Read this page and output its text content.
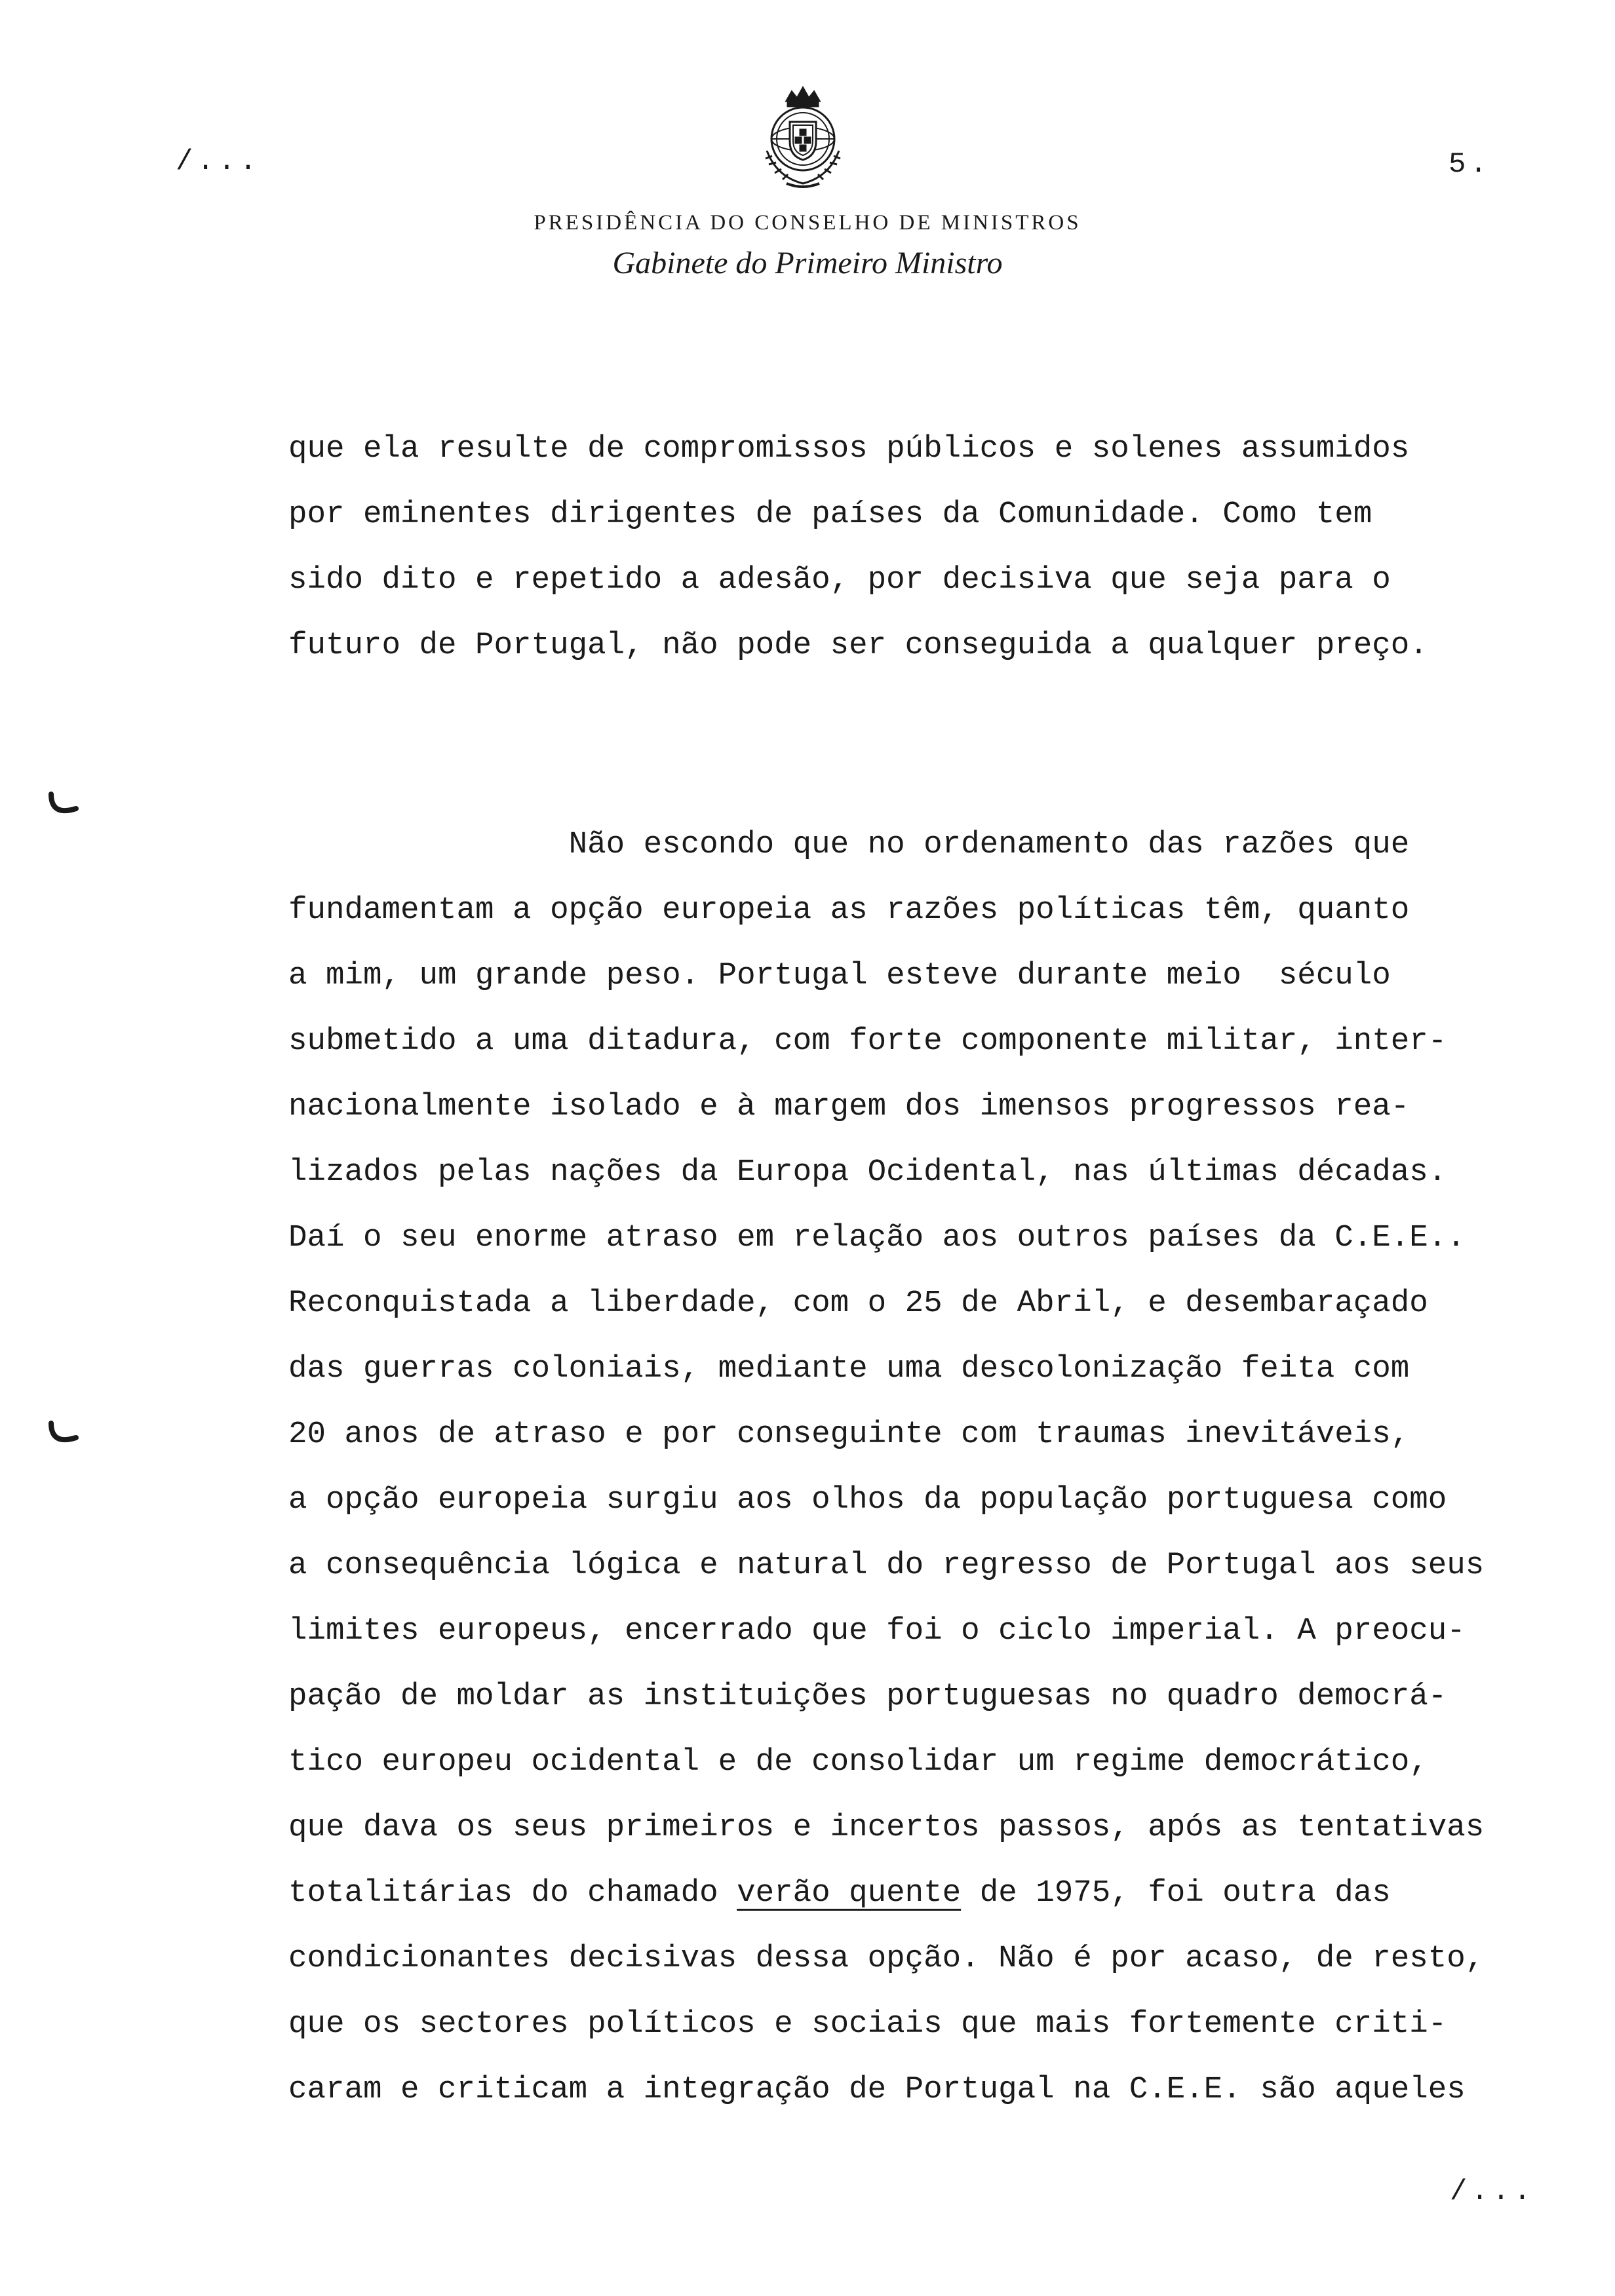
/...	5.
PRESIDÊNCIA DO CONSELHO DE MINISTROS
Gabinete do Primeiro Ministro
que ela resulte de compromissos públicos e solenes assumidos
por eminentes dirigentes de países da Comunidade. Como tem
sido dito e repetido a adesão, por decisiva que seja para o
futuro de Portugal, não pode ser conseguida a qualquer preço.
Não escondo que no ordenamento das razões que
fundamentam a opção europeia as razões políticas têm, quanto
a mim, um grande peso. Portugal esteve durante meio  século
submetido a uma ditadura, com forte componente militar, inter-
nacionalmente isolado e à margem dos imensos progressos rea-
lizados pelas nações da Europa Ocidental, nas últimas décadas.
Daí o seu enorme atraso em relação aos outros países da C.E.E..
Reconquistada a liberdade, com o 25 de Abril, e desembaraçado
das guerras coloniais, mediante uma descolonização feita com
20 anos de atraso e por conseguinte com traumas inevitáveis,
a opção europeia surgiu aos olhos da população portuguesa como
a consequência lógica e natural do regresso de Portugal aos seus
limites europeus, encerrado que foi o ciclo imperial. A preocu-
pação de moldar as instituições portuguesas no quadro democrá-
tico europeu ocidental e de consolidar um regime democrático,
que dava os seus primeiros e incertos passos, após as tentativas
totalitárias do chamado verão quente de 1975, foi outra das
condicionantes decisivas dessa opção. Não é por acaso, de resto,
que os sectores políticos e sociais que mais fortemente criti-
caram e criticam a integração de Portugal na C.E.E. são aqueles
/...
